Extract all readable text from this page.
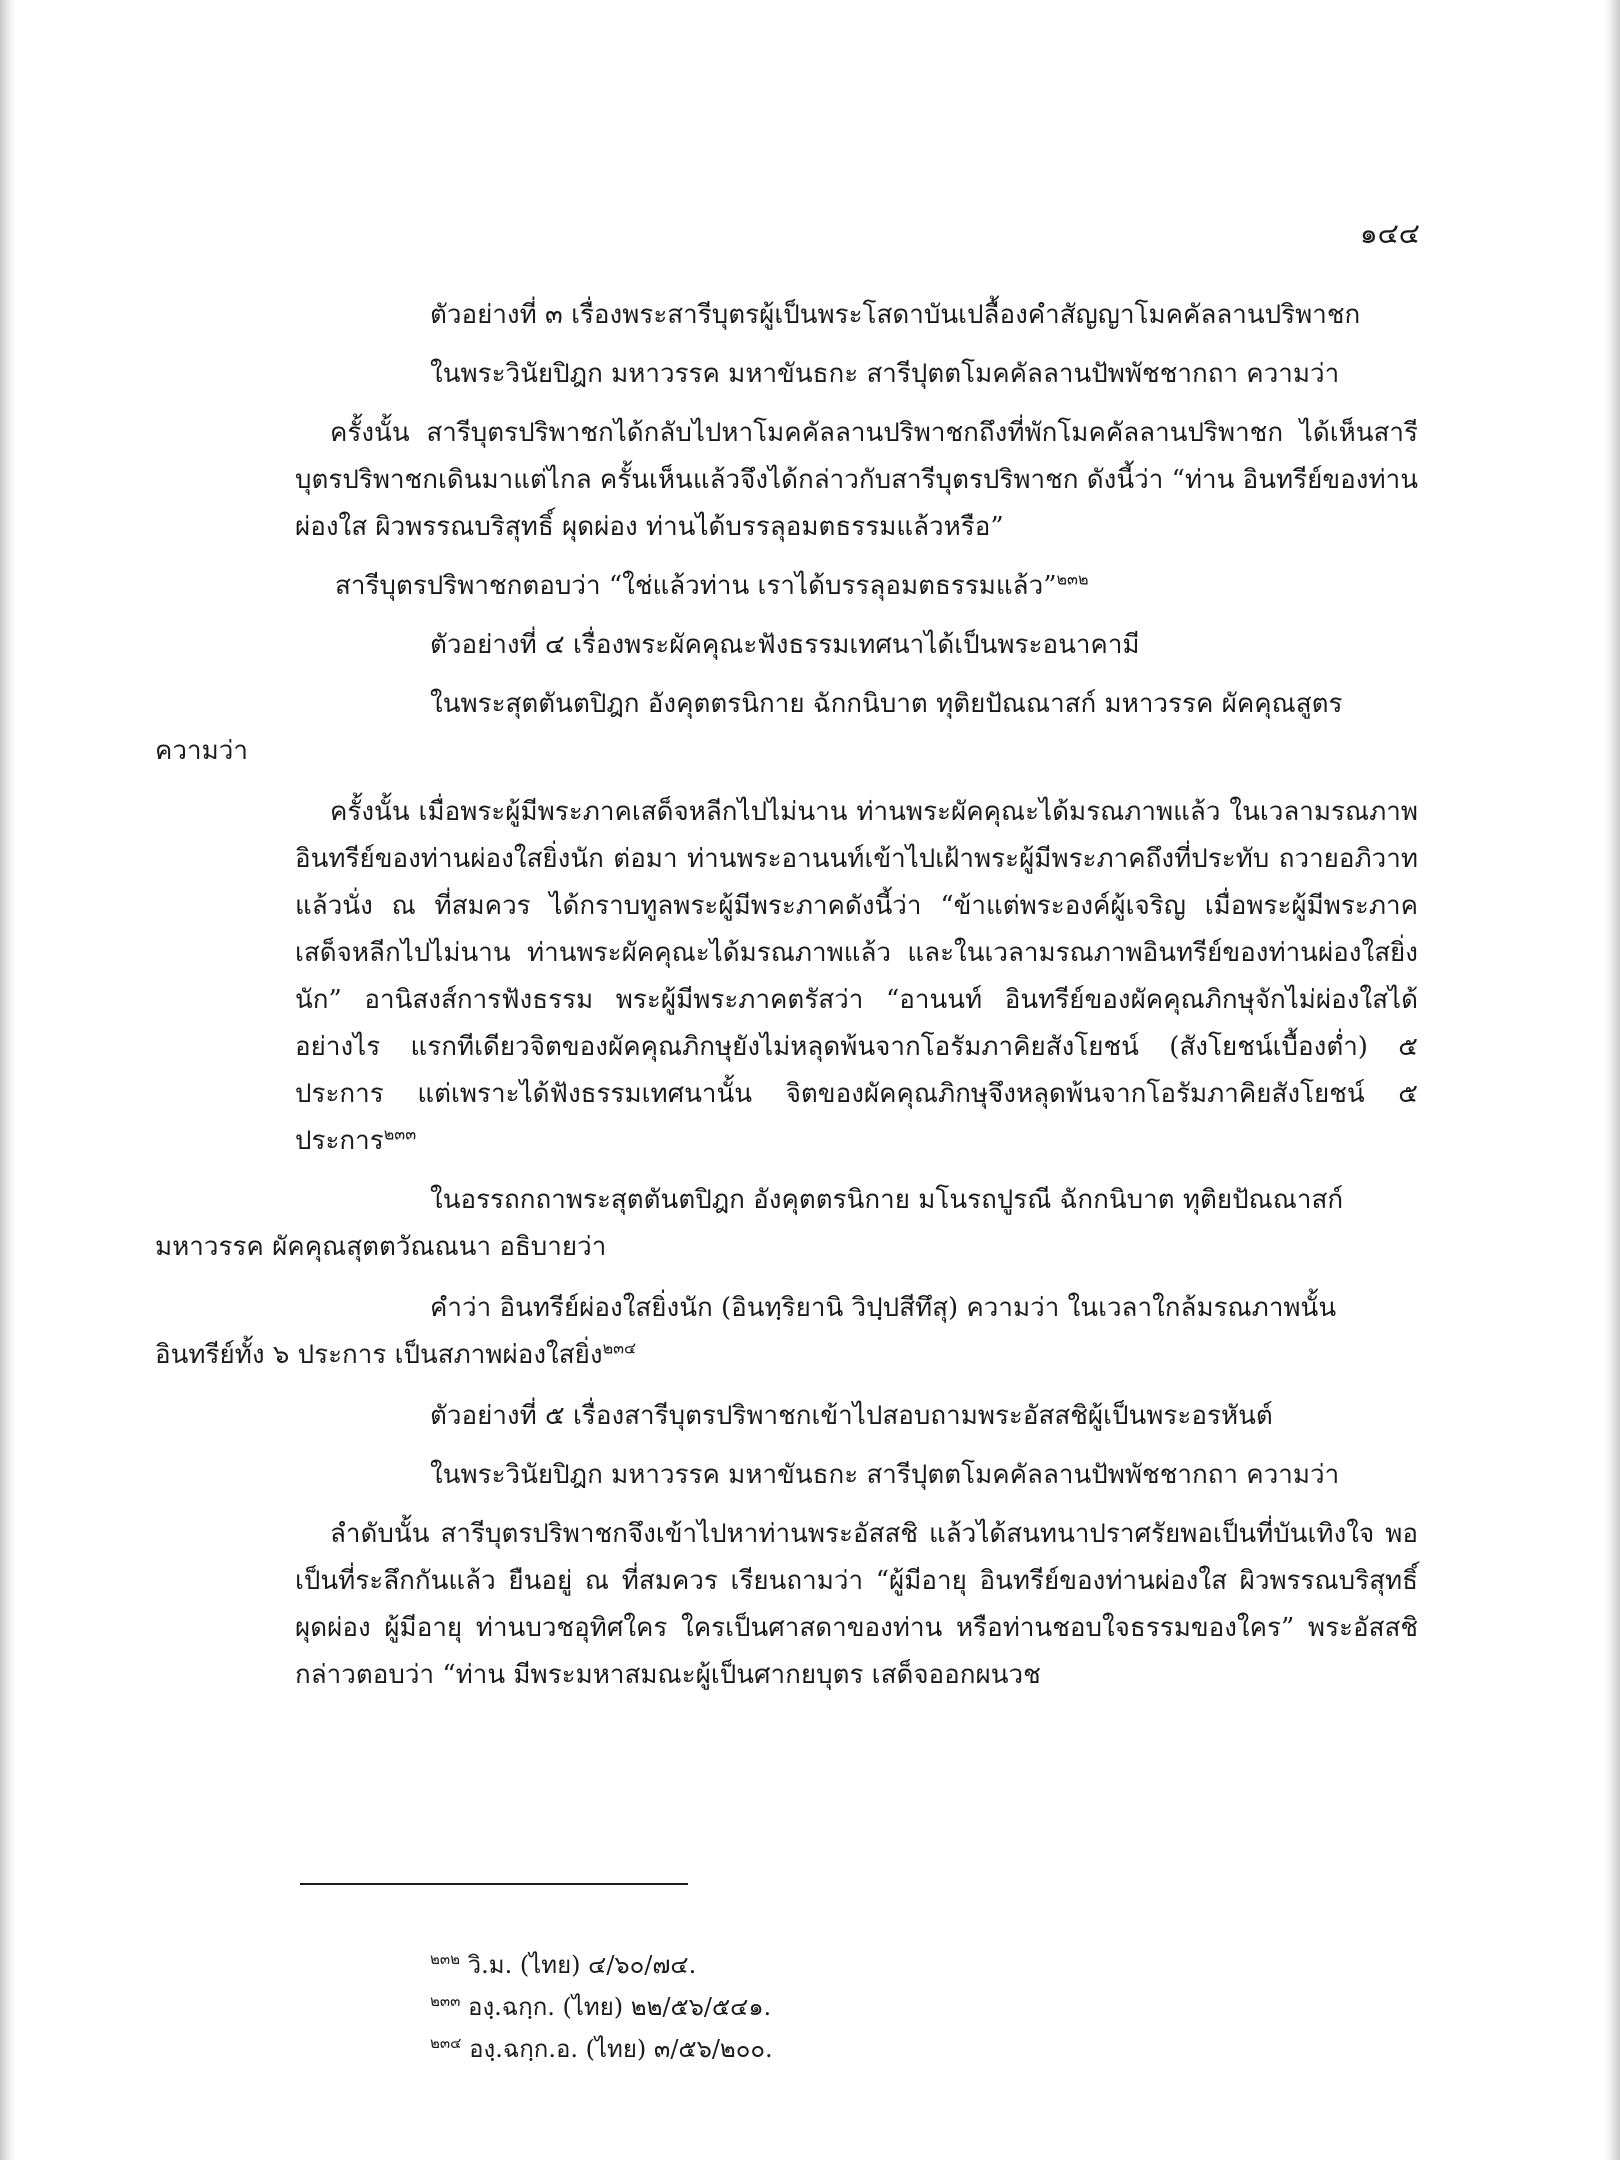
๑๔๔

ตัวอย่างที่ ๓ เรื่องพระสารีบุตรผู้เป็นพระโสดาบันเปลื้องคำสัญญาโมคคัลลานปริพาชก

ในพระวินัยปิฎก มหาวรรค มหาขันธกะ สารีปุตตโมคคัลลานปัพพัชชากถา ความว่า

ครั้งนั้น สารีบุตรปริพาชกได้กลับไปหาโมคคัลลานปริพาชกถึงที่พักโมคคัลลานปริพาชก ได้เห็นสารีบุตรปริพาชกเดินมาแต่ไกล ครั้นเห็นแล้วจึงได้กล่าวกับสารีบุตรปริพาชก ดังนี้ว่า “ท่าน อินทรีย์ของท่านผ่องใส ผิวพรรณบริสุทธิ์ ผุดผ่อง ท่านได้บรรลุอมตธรรมแล้วหรือ”

สารีบุตรปริพาชกตอบว่า “ใช่แล้วท่าน เราได้บรรลุอมตธรรมแล้ว”$^{๒๓๒}$

ตัวอย่างที่ ๔ เรื่องพระผัคคุณะฟังธรรมเทศนาได้เป็นพระอนาคามี

ในพระสุตตันตปิฎก อังคุตตรนิกาย ฉักกนิบาต ทุติยปัณณาสก์ มหาวรรค ผัคคุณสูตร
ความว่า

ครั้งนั้น เมื่อพระผู้มีพระภาคเสด็จหลีกไปไม่นาน ท่านพระผัคคุณะได้มรณภาพแล้ว ในเวลามรณภาพ อินทรีย์ของท่านผ่องใสยิ่งนัก ต่อมา ท่านพระอานนท์เข้าไปเฝ้าพระผู้มีพระภาคถึงที่ประทับ ถวายอภิวาทแล้วนั่ง ณ ที่สมควร ได้กราบทูลพระผู้มีพระภาคดังนี้ว่า “ข้าแต่พระองค์ผู้เจริญ เมื่อพระผู้มีพระภาคเสด็จหลีกไปไม่นาน ท่านพระผัคคุณะได้มรณภาพแล้ว และในเวลามรณภาพอินทรีย์ของท่านผ่องใสยิ่งนัก” อานิสงส์การฟังธรรม พระผู้มีพระภาคตรัสว่า “อานนท์ อินทรีย์ของผัคคุณภิกษุจักไม่ผ่องใสได้อย่างไร แรกทีเดียวจิตของผัคคุณภิกษุยังไม่หลุดพ้นจากโอรัมภาคิยสังโยชน์ (สังโยชน์เบื้องต่ำ) ๕ ประการ แต่เพราะได้ฟังธรรมเทศนานั้น จิตของผัคคุณภิกษุจึงหลุดพ้นจากโอรัมภาคิยสังโยชน์ ๕ ประการ$^{๒๓๓}$

ในอรรถกถาพระสุตตันตปิฎก อังคุตตรนิกาย มโนรถปูรณี ฉักกนิบาต ทุติยปัณณาสก์
มหาวรรค ผัคคุณสุตตวัณณนา อธิบายว่า

คำว่า อินทรีย์ผ่องใสยิ่งนัก (อินทฺริยานิ วิปฺปสีทึสุ) ความว่า ในเวลาใกล้มรณภาพนั้น
อินทรีย์ทั้ง ๖ ประการ เป็นสภาพผ่องใสยิ่ง$^{๒๓๔}$

ตัวอย่างที่ ๕ เรื่องสารีบุตรปริพาชกเข้าไปสอบถามพระอัสสชิผู้เป็นพระอรหันต์

ในพระวินัยปิฎก มหาวรรค มหาขันธกะ สารีปุตตโมคคัลลานปัพพัชชากถา ความว่า

ลำดับนั้น สารีบุตรปริพาชกจึงเข้าไปหาท่านพระอัสสชิ แล้วได้สนทนาปราศรัยพอเป็นที่บันเทิงใจ พอเป็นที่ระลึกกันแล้ว ยืนอยู่ ณ ที่สมควร เรียนถามว่า “ผู้มีอายุ อินทรีย์ของท่านผ่องใส ผิวพรรณบริสุทธิ์ผุดผ่อง ผู้มีอายุ ท่านบวชอุทิศใคร ใครเป็นศาสดาของท่าน หรือท่านชอบใจธรรมของใคร” พระอัสสชิกล่าวตอบว่า “ท่าน มีพระมหาสมณะผู้เป็นศากยบุตร เสด็จออกผนวช

$^{๒๓๒}$ วิ.ม. (ไทย) ๔/๖๐/๗๔.
$^{๒๓๓}$ องฺ.ฉกฺก. (ไทย) ๒๒/๕๖/๕๔๑.
$^{๒๓๔}$ องฺ.ฉกฺก.อ. (ไทย) ๓/๕๖/๒๐๐.
